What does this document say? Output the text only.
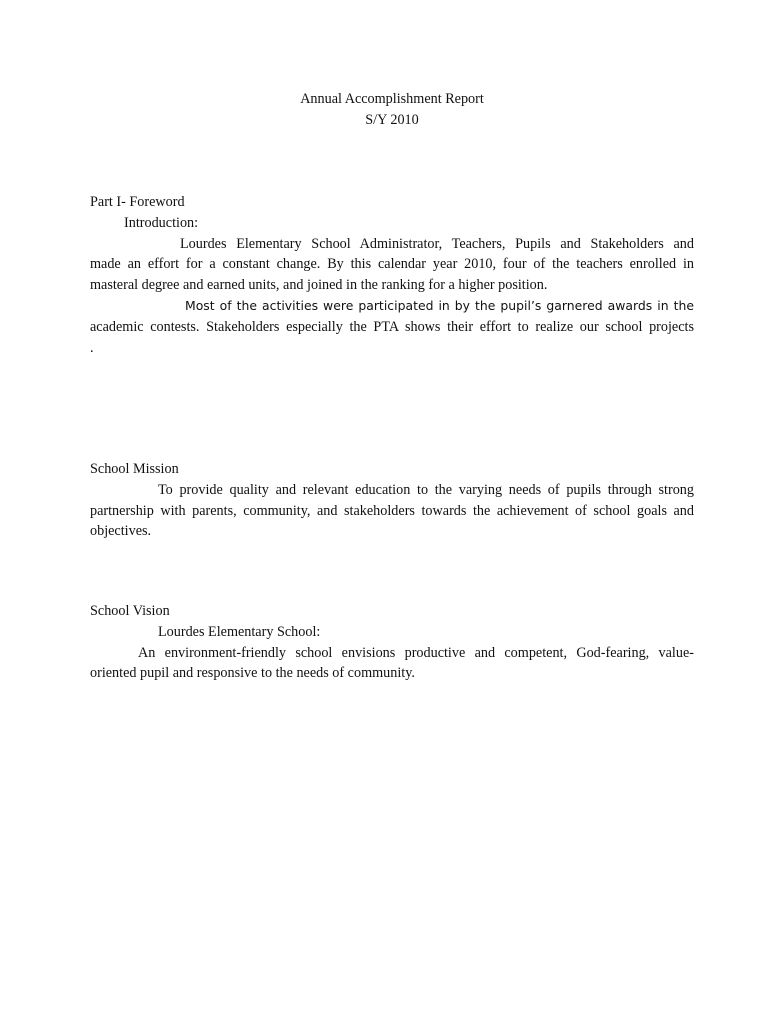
Annual Accomplishment Report
S/Y 2010
Part I- Foreword
Introduction:
Lourdes Elementary School Administrator, Teachers, Pupils and Stakeholders and
made an effort for a constant change. By this calendar year 2010, four of the teachers enrolled in
masteral degree and earned units, and joined in the ranking for a higher position.
Most of the activities were participated in by the pupil’s garnered awards in the
academic contests. Stakeholders especially the PTA shows their effort to realize our school projects
.
School Mission
To provide quality and relevant education to the varying needs of pupils through strong
partnership with parents, community, and stakeholders towards the achievement of school goals and
objectives.
School Vision
Lourdes Elementary School:
An environment-friendly school envisions productive and competent, God-fearing, value-
oriented pupil and responsive to the needs of community.
